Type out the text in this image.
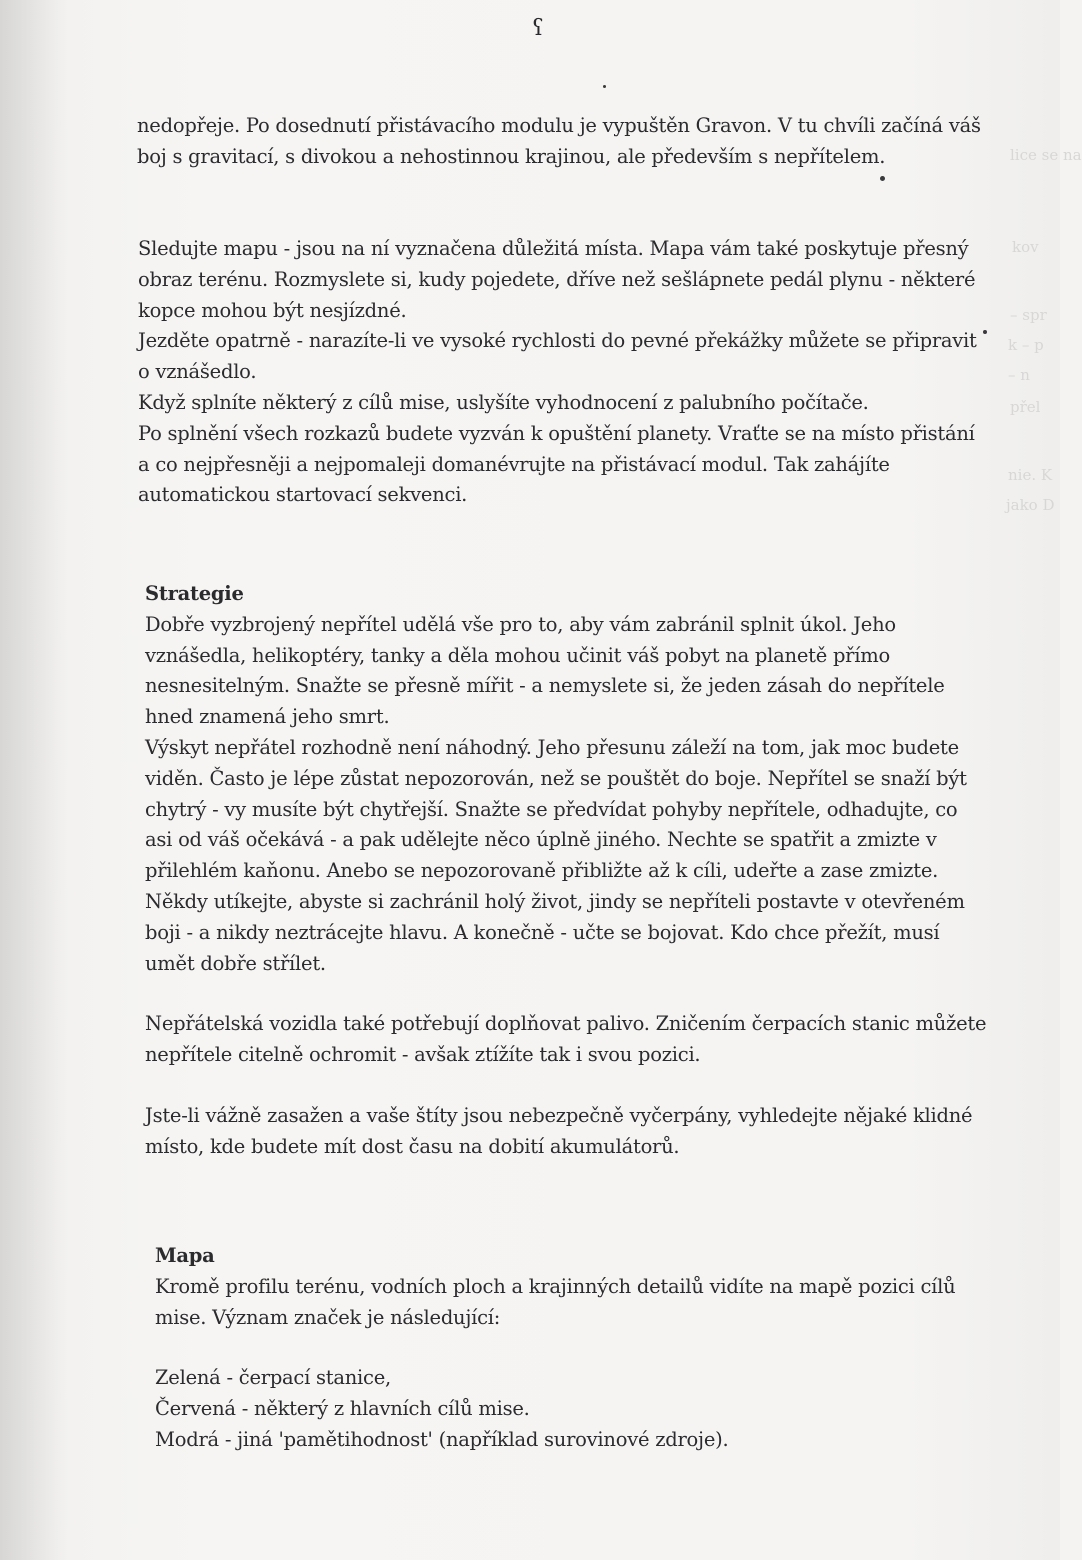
lice se na
kov
– spr
k – p
– n
přel
nie. K
jako D
ʕ

nedopřeje. Po dosednutí přistávacího modulu je vypuštěn Gravon. V tu chvíli začíná váš boj s gravitací, s divokou a nehostinnou krajinou, ale především s nepřítelem.

Sledujte mapu - jsou na ní vyznačena důležitá místa. Mapa vám také poskytuje přesný obraz terénu. Rozmyslete si, kudy pojedete, dříve než sešlápnete pedál plynu - některé kopce mohou být nesjízdné.

Jezděte opatrně - narazíte-li ve vysoké rychlosti do pevné překážky můžete se připravit o vznášedlo.

Když splníte některý z cílů mise, uslyšíte vyhodnocení z palubního počítače.

Po splnění všech rozkazů budete vyzván k opuštění planety. Vraťte se na místo přistání a co nejpřesněji a nejpomaleji domanévrujte na přistávací modul. Tak zahájíte automatickou startovací sekvenci.

Strategie

Dobře vyzbrojený nepřítel udělá vše pro to, aby vám zabránil splnit úkol. Jeho vznášedla, helikoptéry, tanky a děla mohou učinit váš pobyt na planetě přímo nesnesitelným. Snažte se přesně mířit - a nemyslete si, že jeden zásah do nepřítele hned znamená jeho smrt.

Výskyt nepřátel rozhodně není náhodný. Jeho přesunu záleží na tom, jak moc budete viděn. Často je lépe zůstat nepozorován, než se pouštět do boje. Nepřítel se snaží být chytrý - vy musíte být chytřejší. Snažte se předvídat pohyby nepřítele, odhadujte, co asi od váš očekává - a pak udělejte něco úplně jiného. Nechte se spatřit a zmizte v přilehlém kaňonu. Anebo se nepozorovaně přibližte až k cíli, udeřte a zase zmizte. Někdy utíkejte, abyste si zachránil holý život, jindy se nepříteli postavte v otevřeném boji - a nikdy neztrácejte hlavu. A konečně - učte se bojovat. Kdo chce přežít, musí umět dobře střílet.

Nepřátelská vozidla také potřebují doplňovat palivo. Zničením čerpacích stanic můžete nepřítele citelně ochromit - avšak ztížíte tak i svou pozici.

Jste-li vážně zasažen a vaše štíty jsou nebezpečně vyčerpány, vyhledejte nějaké klidné místo, kde budete mít dost času na dobití akumulátorů.

Mapa

Kromě profilu terénu, vodních ploch a krajinných detailů vidíte na mapě pozici cílů mise. Význam značek je následující:

Zelená - čerpací stanice,

Červená - některý z hlavních cílů mise.

Modrá - jiná 'pamětihodnost' (například surovinové zdroje).
